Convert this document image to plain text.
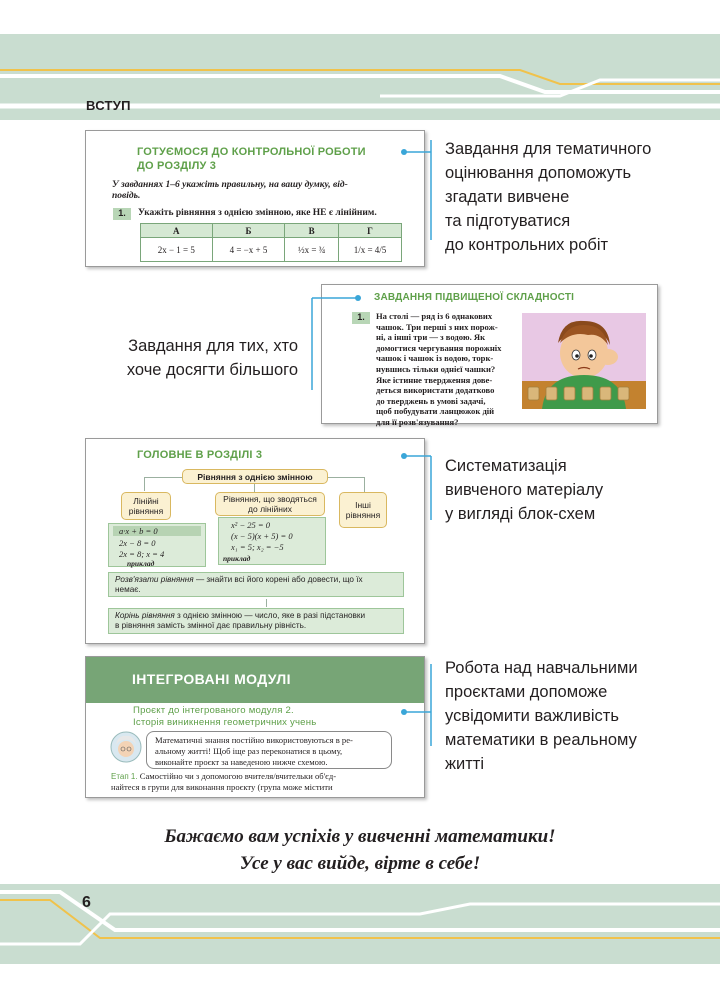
ВСТУП
ГОТУЄМОСЯ ДО КОНТРОЛЬНОЇ РОБОТИ
ДО РОЗДІЛУ 3
У завданнях 1–6 укажіть правильну, на вашу думку, від-
повідь.
1.	Укажіть рівняння з однією змінною, яке НЕ є лінійним.
А	Б	В	Г
2x − 1 = 5	4 = −x + 5	½x = ¾	1/x = 4/5
Завдання для тематичного
оцінювання допоможуть
згадати вивчене
та підготуватися
до контрольних робіт
ЗАВДАННЯ ПІДВИЩЕНОЇ СКЛАДНОСТІ
1.	На столі — ряд із 6 однакових
чашок. Три перші з них порож-
ні, а інші три — з водою. Як
домогтися чергування порожніх
чашок і чашок із водою, торк-
нувшись тільки однієї чашки?
Яке істинне твердження дове-
деться використати додатково
до тверджень в умові задачі,
щоб побудувати ланцюжок дій
для її розв'язування?
Завдання для тих, хто
хоче досягти більшого
ГОЛОВНЕ В РОЗДІЛІ 3
Рівняння з однією змінною
Лінійні
рівняння
Рівняння, що зводяться
до лінійних	Інші
рівняння
a·x + b = 0
2x − 8 = 0
2x = 8; x = 4
приклад
x² − 25 = 0
(x − 5)(x + 5) = 0
x₁ = 5; x₂ = −5
приклад
Розв'язати рівняння — знайти всі його корені або довести, що їх
немає.
Корінь рівняння з однією змінною — число, яке в разі підстановки
в рівняння замість змінної дає правильну рівність.
Систематизація
вивченого матеріалу
у вигляді блок-схем
ІНТЕГРОВАНІ МОДУЛІ
Проєкт до інтегрованого модуля 2.
Історія виникнення геометричних учень
Математичні знання постійно використовуються в ре-
альному житті! Щоб іще раз переконатися в цьому,
виконайте проєкт за наведеною нижче схемою.
Етап 1. Самостійно чи з допомогою вчителя/вчительки об'єд-
найтеся в групи для виконання проєкту (група може містити
Робота над навчальними
проєктами допоможе
усвідомити важливість
математики в реальному
житті
Бажаємо вам успіхів у вивченні математики!
Усе у вас вийде, вірте в себе!
6
